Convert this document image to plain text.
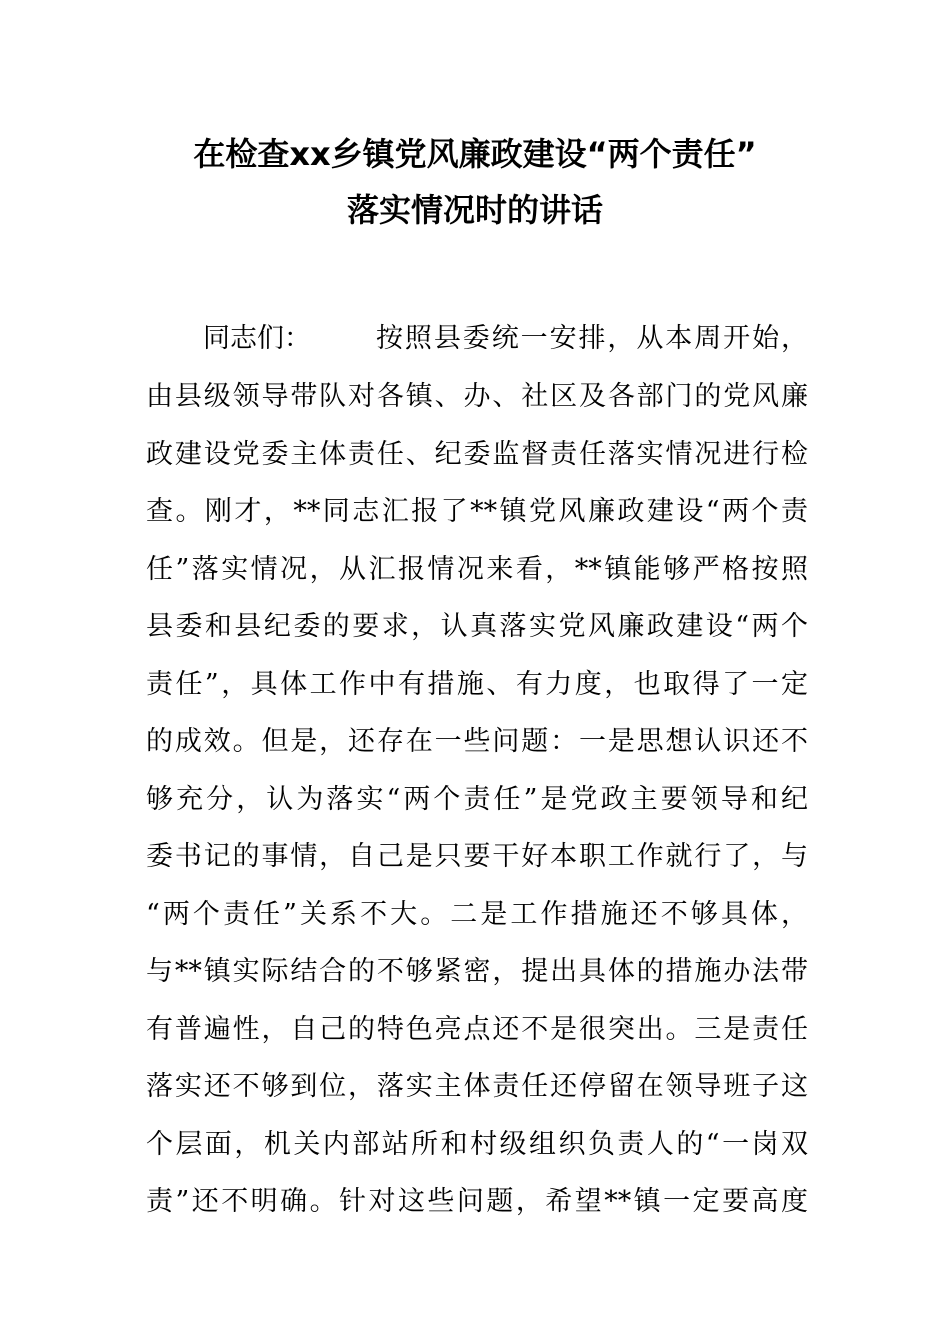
在检查xx乡镇党风廉政建设“两个责任”
落实情况时的讲话
同志们： 按照县委统一安排，从本周开始，
由县级领导带队对各镇、办、社区及各部门的党风廉
政建设党委主体责任、纪委监督责任落实情况进行检
查。刚才，**同志汇报了**镇党风廉政建设“两个责
任”落实情况，从汇报情况来看，**镇能够严格按照
县委和县纪委的要求，认真落实党风廉政建设“两个
责任”，具体工作中有措施、有力度，也取得了一定
的成效。但是，还存在一些问题：一是思想认识还不
够充分，认为落实“两个责任”是党政主要领导和纪
委书记的事情，自己是只要干好本职工作就行了，与
“两个责任”关系不大。二是工作措施还不够具体，
与**镇实际结合的不够紧密，提出具体的措施办法带
有普遍性，自己的特色亮点还不是很突出。三是责任
落实还不够到位，落实主体责任还停留在领导班子这
个层面，机关内部站所和村级组织负责人的“一岗双
责”还不明确。针对这些问题，希望**镇一定要高度
